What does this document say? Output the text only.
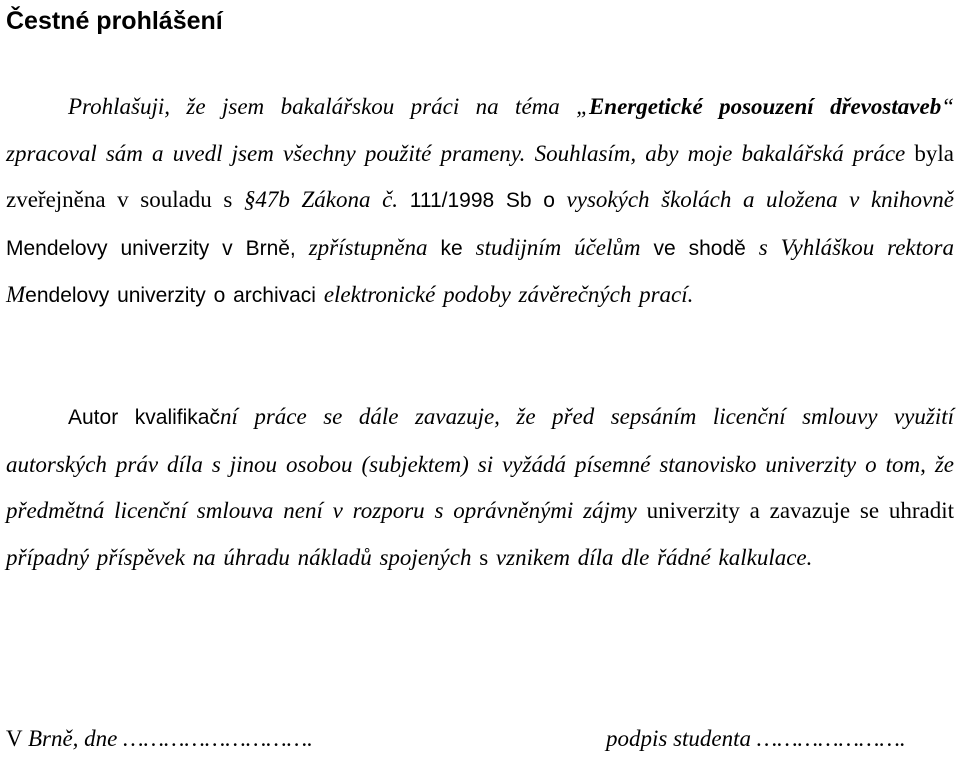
Čestné prohlášení

Prohlašuji, že jsem bakalářskou práci na téma „Energetické posouzení dřevostaveb“ zpracoval sám a uvedl jsem všechny použité prameny. Souhlasím, aby moje bakalářská práce byla zveřejněna v souladu s §47b Zákona č. 111/1998 Sb o vysokých školách a uložena v knihovně Mendelovy univerzity v Brně, zpřístupněna ke studijním účelům ve shodě s Vyhláškou rektora Mendelovy univerzity o archivaci elektronické podoby závěrečných prací.

Autor kvalifikační práce se dále zavazuje, že před sepsáním licenční smlouvy využití autorských práv díla s jinou osobou (subjektem) si vyžádá písemné stanovisko univerzity o tom, že předmětná licenční smlouva není v rozporu s oprávněnými zájmy univerzity a zavazuje se uhradit případný příspěvek na úhradu nákladů spojených s vznikem díla dle řádné kalkulace.

V Brně, dne ……………………….	podpis studenta ………………….
